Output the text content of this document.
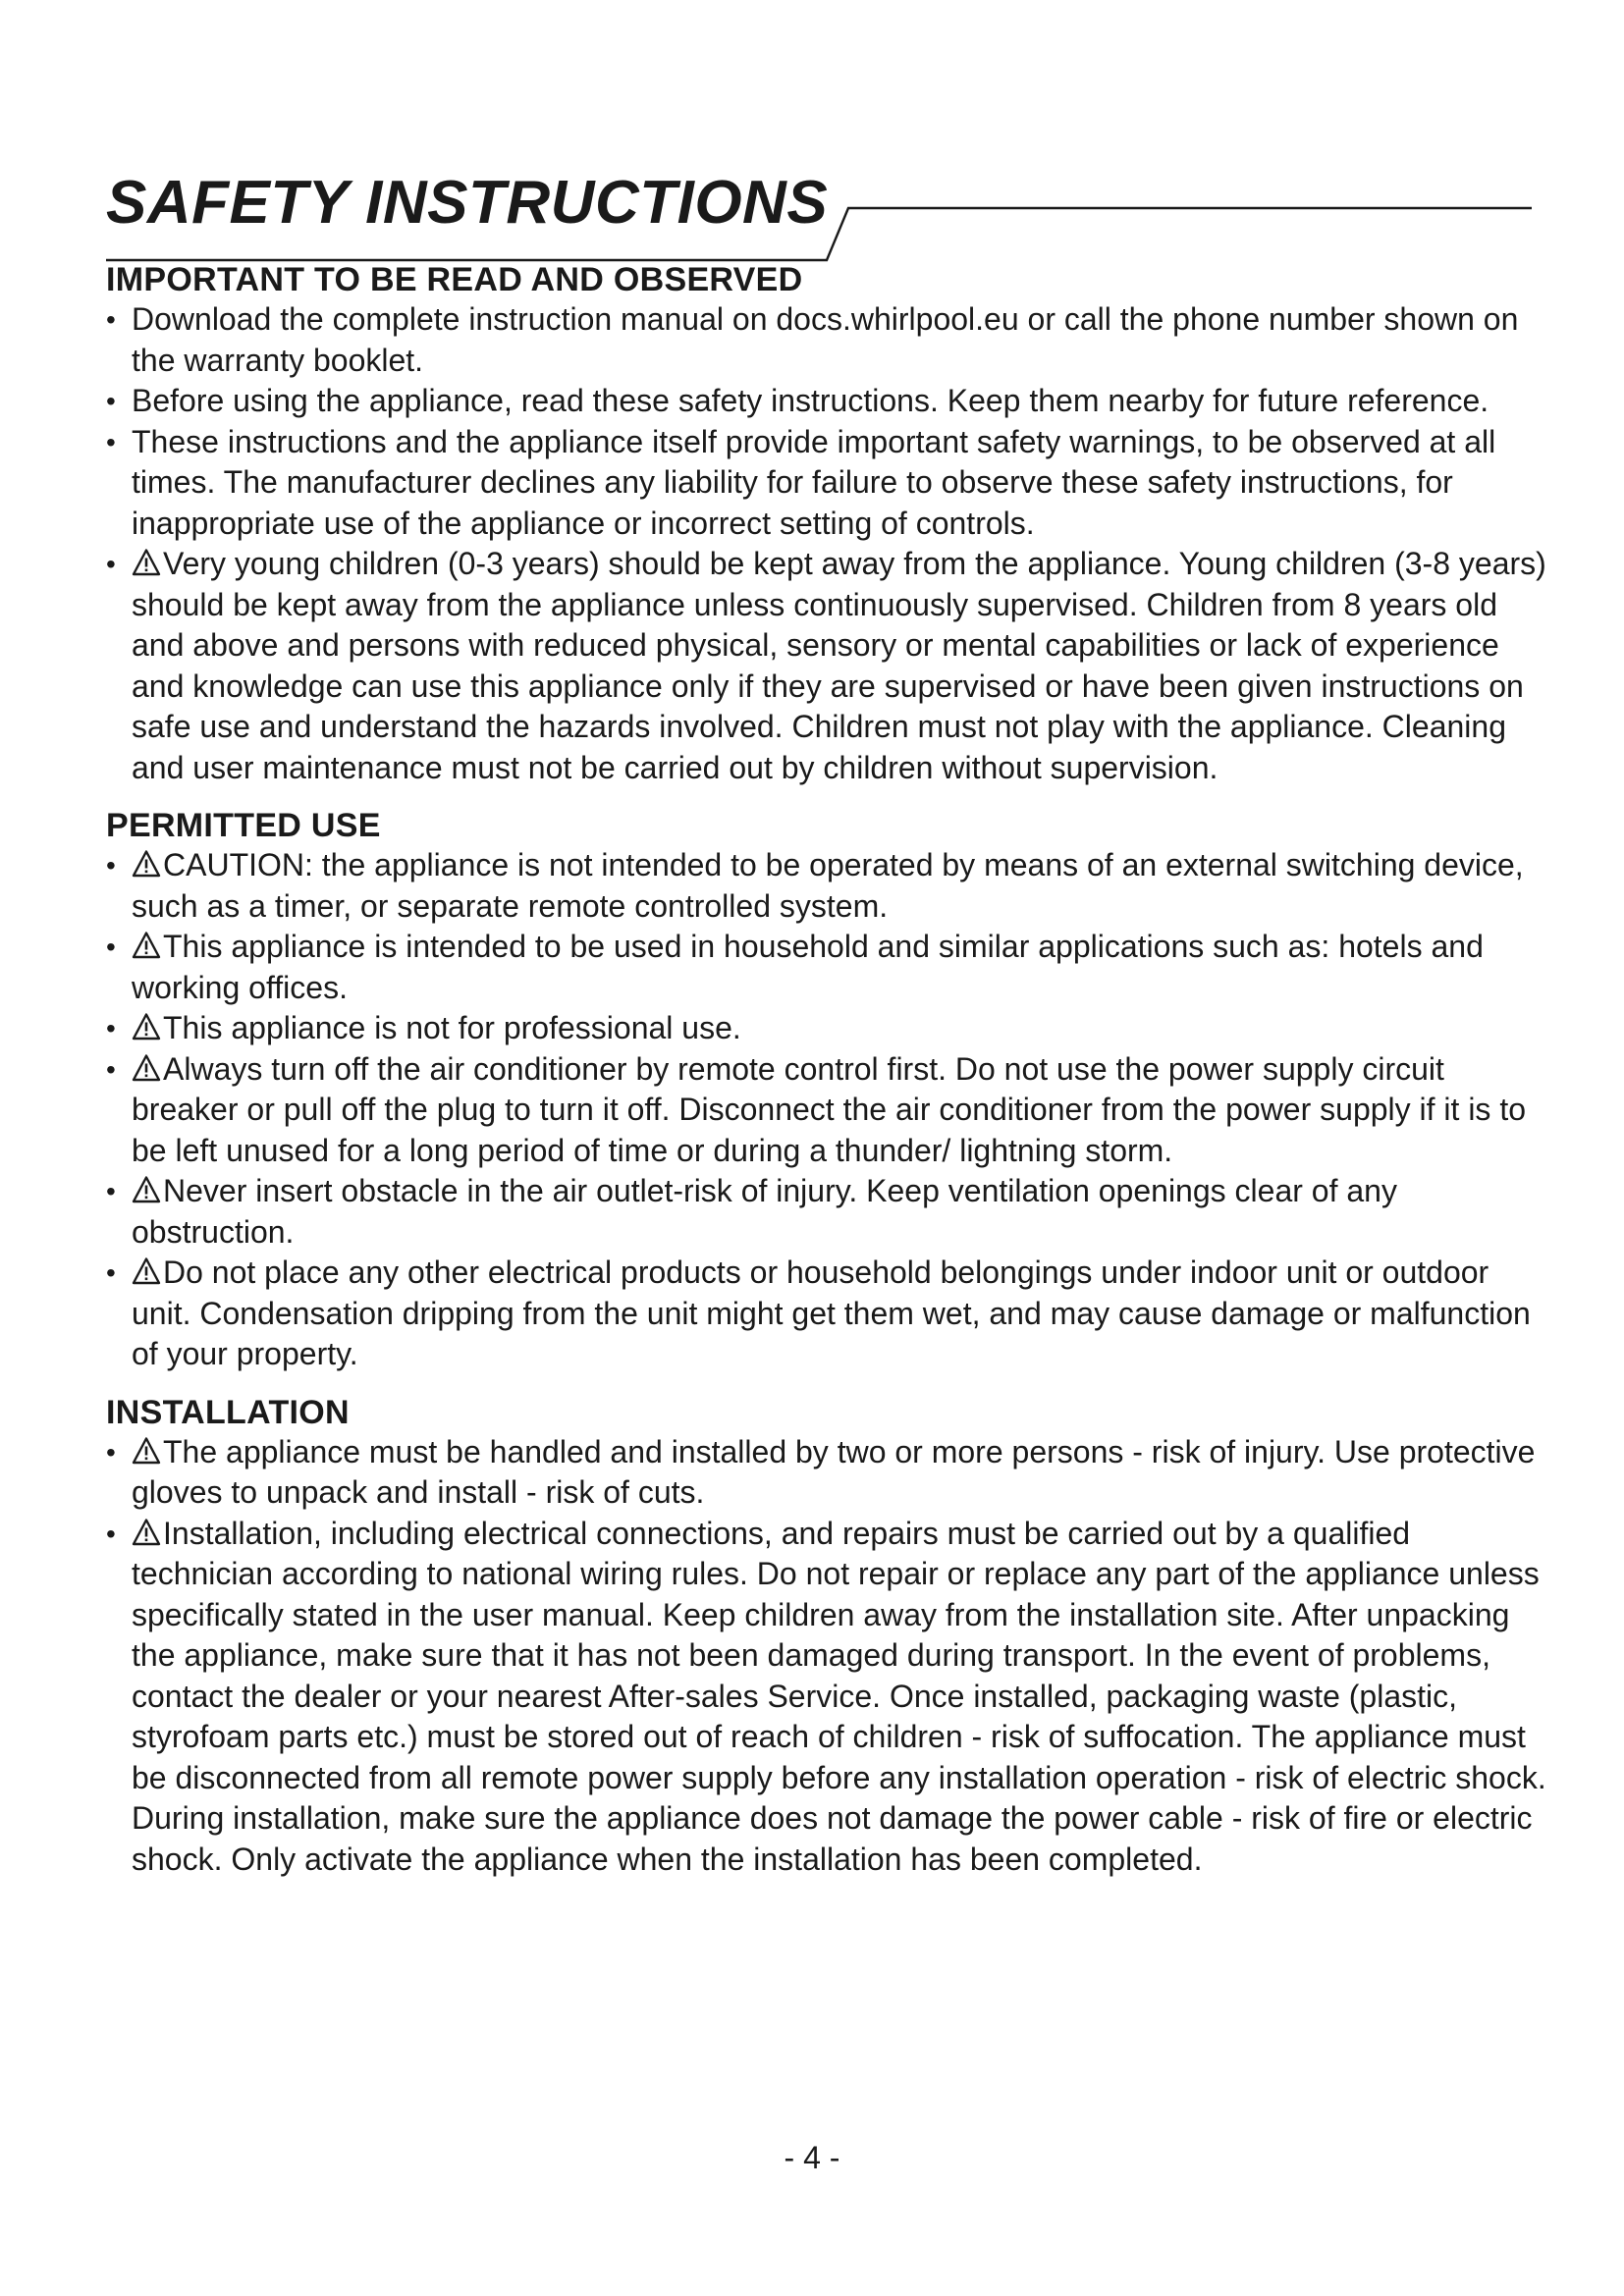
SAFETY INSTRUCTIONS
IMPORTANT TO BE READ AND OBSERVED
• Download the complete instruction manual on docs.whirlpool.eu or call the phone number shown on the warranty booklet.
• Before using the appliance, read these safety instructions. Keep them nearby for future reference.
• These instructions and the appliance itself provide important safety warnings, to be observed at all times. The manufacturer declines any liability for failure to observe these safety instructions, for inappropriate use of the appliance or incorrect setting of controls.
• Very young children (0-3 years) should be kept away from the appliance. Young children (3-8 years) should be kept away from the appliance unless continuously supervised. Children from 8 years old and above and persons with reduced physical, sensory or mental capabilities or lack of experience and knowledge can use this appliance only if they are supervised or have been given instructions on safe use and understand the hazards involved. Children must not play with the appliance. Cleaning and user maintenance must not be carried out by children without supervision.
PERMITTED USE
• CAUTION: the appliance is not intended to be operated by means of an external switching device, such as a timer, or separate remote controlled system.
• This appliance is intended to be used in household and similar applications such as: hotels and working offices.
• This appliance is not for professional use.
• Always turn off the air conditioner by remote control first. Do not use the power supply circuit breaker or pull off the plug to turn it off. Disconnect the air conditioner from the power supply if it is to be left unused for a long period of time or during a thunder/ lightning storm.
• Never insert obstacle in the air outlet-risk of injury. Keep ventilation openings clear of any obstruction.
• Do not place any other electrical products or household belongings under indoor unit or outdoor unit. Condensation dripping from the unit might get them wet, and may cause damage or malfunction of your property.
INSTALLATION
• The appliance must be handled and installed by two or more persons - risk of injury. Use protective gloves to unpack and install - risk of cuts.
• Installation, including electrical connections, and repairs must be carried out by a qualified technician according to national wiring rules. Do not repair or replace any part of the appliance unless specifically stated in the user manual. Keep children away from the installation site. After unpacking the appliance, make sure that it has not been damaged during transport. In the event of problems, contact the dealer or your nearest After-sales Service. Once installed, packaging waste (plastic, styrofoam parts etc.) must be stored out of reach of children - risk of suffocation. The appliance must be disconnected from all remote power supply before any installation operation - risk of electric shock. During installation, make sure the appliance does not damage the power cable - risk of fire or electric shock. Only activate the appliance when the installation has been completed.
- 4 -
